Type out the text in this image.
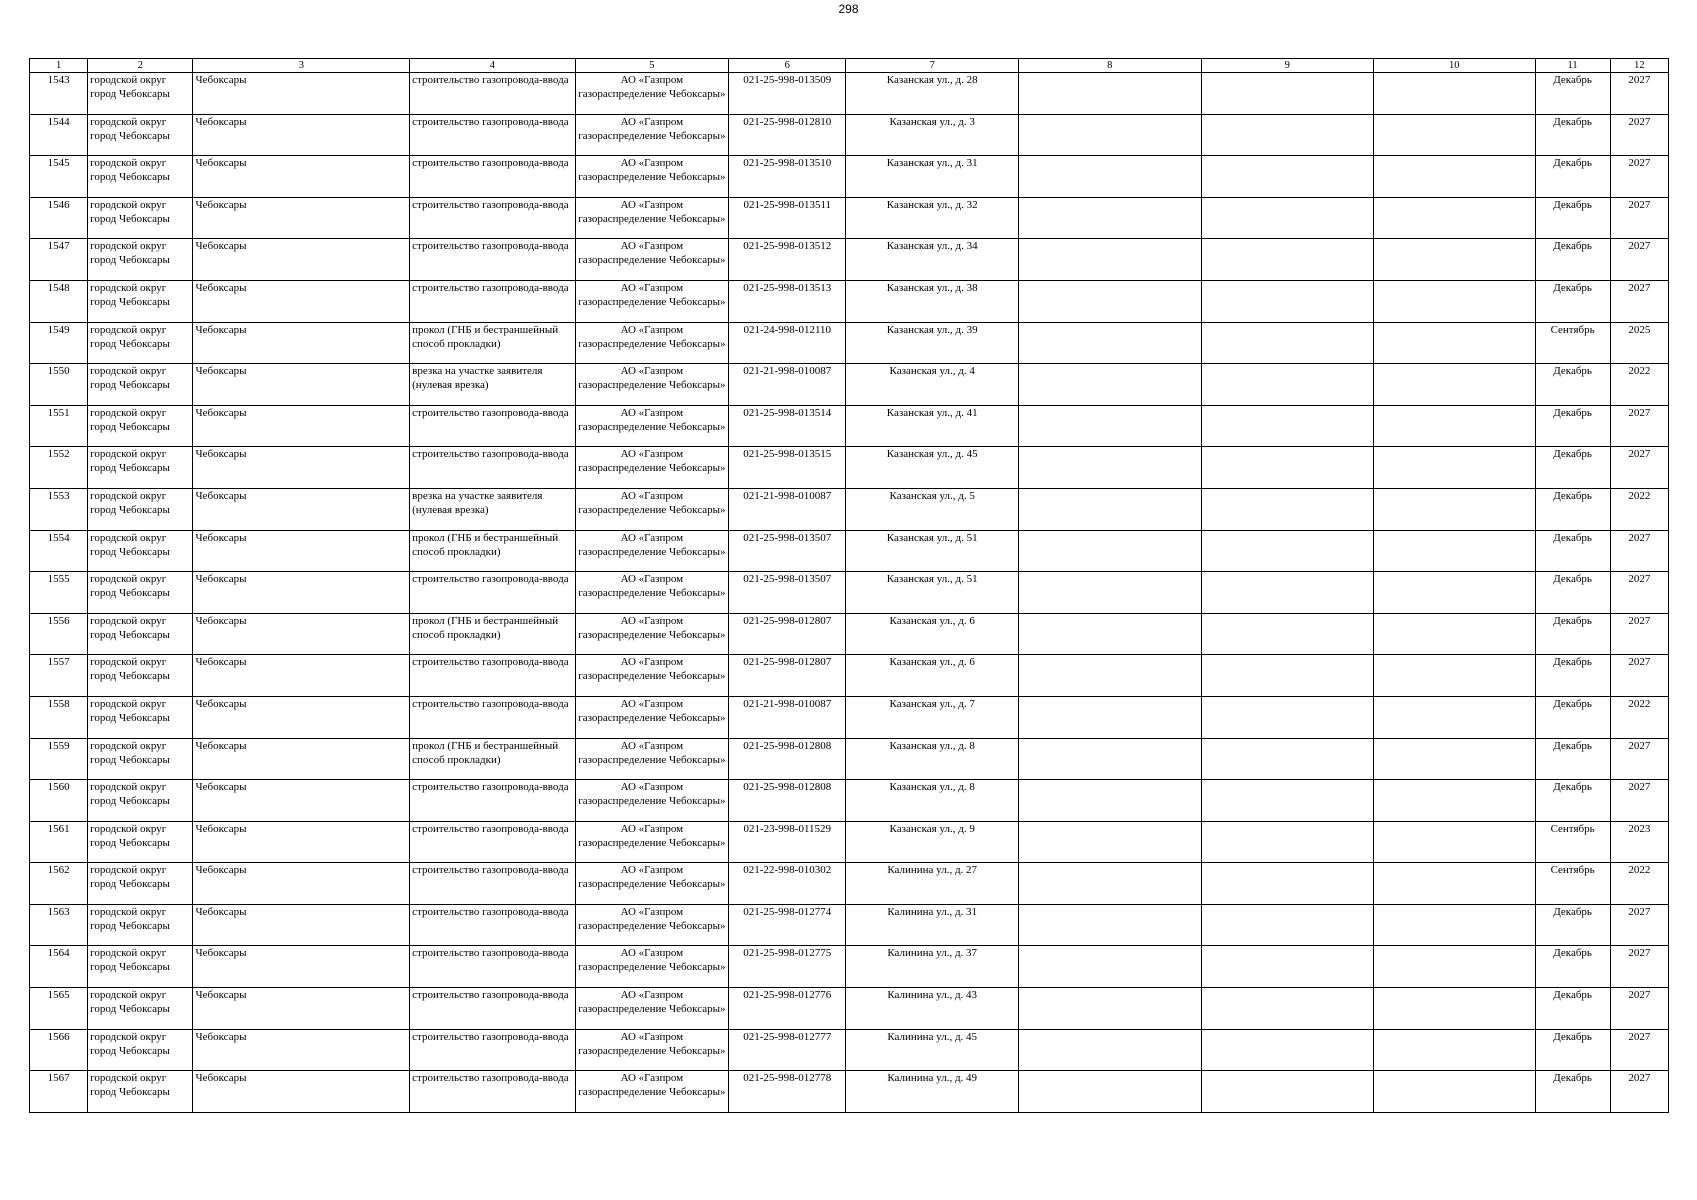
298
1	2	3	4	5	6	7	8	9	10	11	12
1543	городской округ город Чебоксары	Чебоксары	строительство газопровода-ввода	АО «Газпром газораспределение Чебоксары»	021-25-998-013509	Казанская ул., д. 28				Декабрь	2027
1544	городской округ город Чебоксары	Чебоксары	строительство газопровода-ввода	АО «Газпром газораспределение Чебоксары»	021-25-998-012810	Казанская ул., д. 3				Декабрь	2027
1545	городской округ город Чебоксары	Чебоксары	строительство газопровода-ввода	АО «Газпром газораспределение Чебоксары»	021-25-998-013510	Казанская ул., д. 31				Декабрь	2027
1546	городской округ город Чебоксары	Чебоксары	строительство газопровода-ввода	АО «Газпром газораспределение Чебоксары»	021-25-998-013511	Казанская ул., д. 32				Декабрь	2027
1547	городской округ город Чебоксары	Чебоксары	строительство газопровода-ввода	АО «Газпром газораспределение Чебоксары»	021-25-998-013512	Казанская ул., д. 34				Декабрь	2027
1548	городской округ город Чебоксары	Чебоксары	строительство газопровода-ввода	АО «Газпром газораспределение Чебоксары»	021-25-998-013513	Казанская ул., д. 38				Декабрь	2027
1549	городской округ город Чебоксары	Чебоксары	прокол (ГНБ и бестраншейный способ прокладки)	АО «Газпром газораспределение Чебоксары»	021-24-998-012110	Казанская ул., д. 39				Сентябрь	2025
1550	городской округ город Чебоксары	Чебоксары	врезка на участке заявителя (нулевая врезка)	АО «Газпром газораспределение Чебоксары»	021-21-998-010087	Казанская ул., д. 4				Декабрь	2022
1551	городской округ город Чебоксары	Чебоксары	строительство газопровода-ввода	АО «Газпром газораспределение Чебоксары»	021-25-998-013514	Казанская ул., д. 41				Декабрь	2027
1552	городской округ город Чебоксары	Чебоксары	строительство газопровода-ввода	АО «Газпром газораспределение Чебоксары»	021-25-998-013515	Казанская ул., д. 45				Декабрь	2027
1553	городской округ город Чебоксары	Чебоксары	врезка на участке заявителя (нулевая врезка)	АО «Газпром газораспределение Чебоксары»	021-21-998-010087	Казанская ул., д. 5				Декабрь	2022
1554	городской округ город Чебоксары	Чебоксары	прокол (ГНБ и бестраншейный способ прокладки)	АО «Газпром газораспределение Чебоксары»	021-25-998-013507	Казанская ул., д. 51				Декабрь	2027
1555	городской округ город Чебоксары	Чебоксары	строительство газопровода-ввода	АО «Газпром газораспределение Чебоксары»	021-25-998-013507	Казанская ул., д. 51				Декабрь	2027
1556	городской округ город Чебоксары	Чебоксары	прокол (ГНБ и бестраншейный способ прокладки)	АО «Газпром газораспределение Чебоксары»	021-25-998-012807	Казанская ул., д. 6				Декабрь	2027
1557	городской округ город Чебоксары	Чебоксары	строительство газопровода-ввода	АО «Газпром газораспределение Чебоксары»	021-25-998-012807	Казанская ул., д. 6				Декабрь	2027
1558	городской округ город Чебоксары	Чебоксары	строительство газопровода-ввода	АО «Газпром газораспределение Чебоксары»	021-21-998-010087	Казанская ул., д. 7				Декабрь	2022
1559	городской округ город Чебоксары	Чебоксары	прокол (ГНБ и бестраншейный способ прокладки)	АО «Газпром газораспределение Чебоксары»	021-25-998-012808	Казанская ул., д. 8				Декабрь	2027
1560	городской округ город Чебоксары	Чебоксары	строительство газопровода-ввода	АО «Газпром газораспределение Чебоксары»	021-25-998-012808	Казанская ул., д. 8				Декабрь	2027
1561	городской округ город Чебоксары	Чебоксары	строительство газопровода-ввода	АО «Газпром газораспределение Чебоксары»	021-23-998-011529	Казанская ул., д. 9				Сентябрь	2023
1562	городской округ город Чебоксары	Чебоксары	строительство газопровода-ввода	АО «Газпром газораспределение Чебоксары»	021-22-998-010302	Калинина ул., д. 27				Сентябрь	2022
1563	городской округ город Чебоксары	Чебоксары	строительство газопровода-ввода	АО «Газпром газораспределение Чебоксары»	021-25-998-012774	Калинина ул., д. 31				Декабрь	2027
1564	городской округ город Чебоксары	Чебоксары	строительство газопровода-ввода	АО «Газпром газораспределение Чебоксары»	021-25-998-012775	Калинина ул., д. 37				Декабрь	2027
1565	городской округ город Чебоксары	Чебоксары	строительство газопровода-ввода	АО «Газпром газораспределение Чебоксары»	021-25-998-012776	Калинина ул., д. 43				Декабрь	2027
1566	городской округ город Чебоксары	Чебоксары	строительство газопровода-ввода	АО «Газпром газораспределение Чебоксары»	021-25-998-012777	Калинина ул., д. 45				Декабрь	2027
1567	городской округ город Чебоксары	Чебоксары	строительство газопровода-ввода	АО «Газпром газораспределение Чебоксары»	021-25-998-012778	Калинина ул., д. 49				Декабрь	2027
